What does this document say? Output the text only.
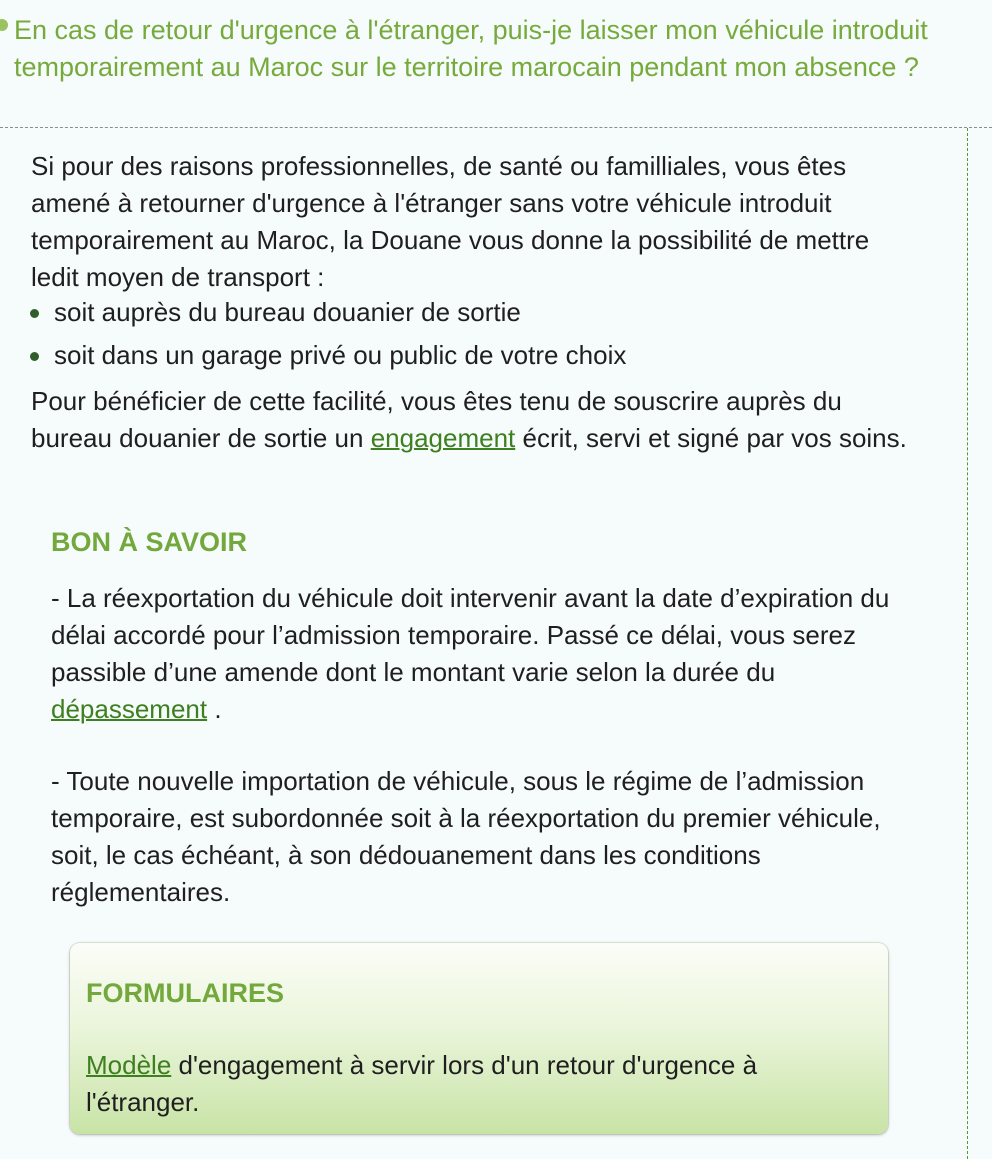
En cas de retour d'urgence à l'étranger, puis-je laisser mon véhicule introduit temporairement au Maroc sur le territoire marocain pendant mon absence ?

Si pour des raisons professionnelles, de santé ou familliales, vous êtes amené à retourner d'urgence à l'étranger sans votre véhicule introduit temporairement au Maroc, la Douane vous donne la possibilité de mettre ledit moyen de transport :

soit auprès du bureau douanier de sortie
soit dans un garage privé ou public de votre choix

Pour bénéficier de cette facilité, vous êtes tenu de souscrire auprès du bureau douanier de sortie un engagement écrit, servi et signé par vos soins.

BON À SAVOIR

- La réexportation du véhicule doit intervenir avant la date d’expiration du délai accordé pour l’admission temporaire. Passé ce délai, vous serez passible d’une amende dont le montant varie selon la durée du dépassement .

- Toute nouvelle importation de véhicule, sous le régime de l’admission temporaire, est subordonnée soit à la réexportation du premier véhicule, soit, le cas échéant, à son dédouanement dans les conditions réglementaires.

FORMULAIRES

Modèle d'engagement à servir lors d'un retour d'urgence à l'étranger.
